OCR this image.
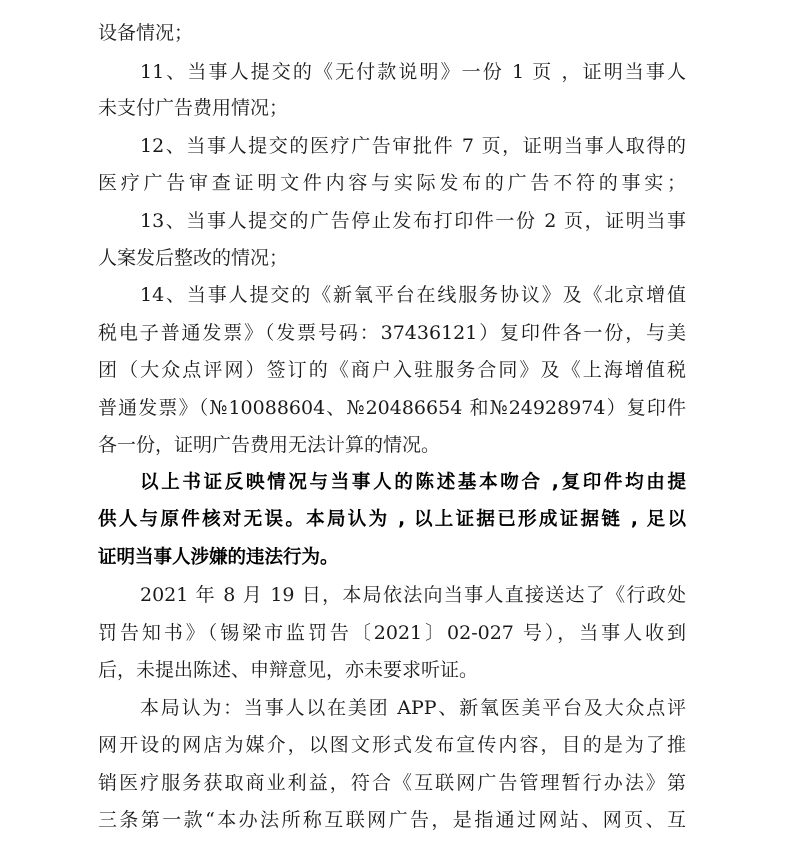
设备情况；
11、当事人提交的《无付款说明》一份 1 页 ，证明当事人
未支付广告费用情况；
12、当事人提交的医疗广告审批件 7 页，证明当事人取得的
医疗广告审查证明文件内容与实际发布的广告不符的事实；
13、当事人提交的广告停止发布打印件一份 2 页，证明当事
人案发后整改的情况；
14、当事人提交的《新氧平台在线服务协议》及《北京增值
税电子普通发票》（发票号码：37436121）复印件各一份，与美
团（大众点评网）签订的《商户入驻服务合同》及《上海增值税
普通发票》（№10088604、№20486654 和№24928974）复印件
各一份，证明广告费用无法计算的情况。
以上书证反映情况与当事人的陈述基本吻合 ,复印件均由提
供人与原件核对无误。本局认为 , 以上证据已形成证据链 , 足以
证明当事人涉嫌的违法行为。
2021 年 8 月 19 日，本局依法向当事人直接送达了《行政处
罚告知书》（锡梁市监罚告〔2021〕02-027 号），当事人收到
后，未提出陈述、申辩意见，亦未要求听证。
本局认为：当事人以在美团 APP、新氧医美平台及大众点评
网开设的网店为媒介，以图文形式发布宣传内容，目的是为了推
销医疗服务获取商业利益，符合《互联网广告管理暂行办法》第
三条第一款“本办法所称互联网广告，是指通过网站、网页、互
